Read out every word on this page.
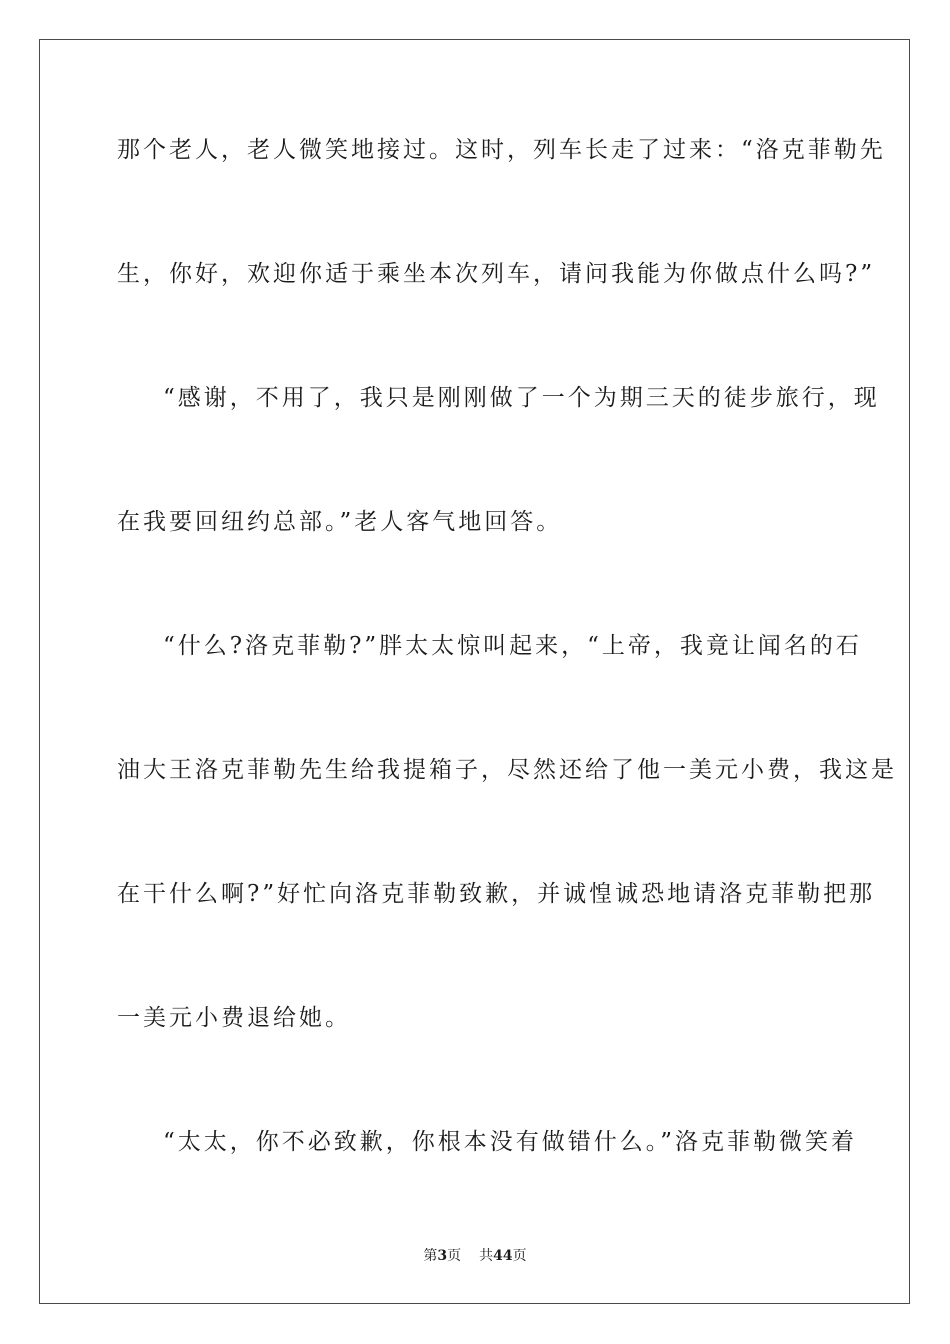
那个老人，老人微笑地接过。这时，列车长走了过来：“洛克菲勒先
生，你好，欢迎你适于乘坐本次列车，请问我能为你做点什么吗?”
“感谢，不用了，我只是刚刚做了一个为期三天的徒步旅行，现
在我要回纽约总部。”老人客气地回答。
“什么?洛克菲勒?”胖太太惊叫起来，“上帝，我竟让闻名的石
油大王洛克菲勒先生给我提箱子，尽然还给了他一美元小费，我这是
在干什么啊?”好忙向洛克菲勒致歉，并诚惶诚恐地请洛克菲勒把那
一美元小费退给她。
“太太，你不必致歉，你根本没有做错什么。”洛克菲勒微笑着
第3页 共44页
